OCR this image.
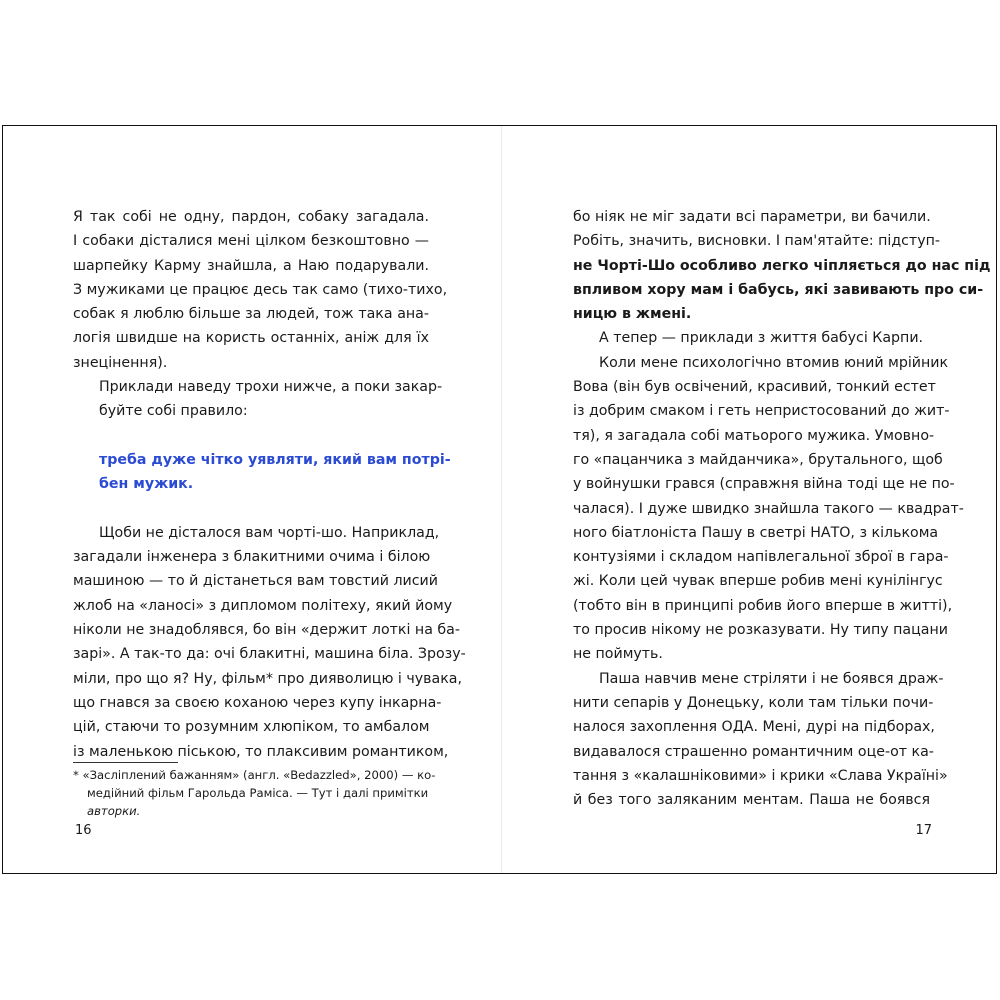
Я так собі не одну, пардон, собаку загадала.
І собаки дісталися мені цілком безкоштовно —
шарпейку Карму знайшла, а Наю подарували.
З мужиками це працює десь так само (тихо-тихо,
собак я люблю більше за людей, тож така ана-
логія швидше на користь останніх, аніж для їх
знецінення).
Приклади наведу трохи нижче, а поки закар-
буйте собі правило:
треба дуже чітко уявляти, який вам потрі-
бен мужик.
Щоби не дісталося вам чорті-шо. Наприклад,
загадали інженера з блакитними очима і білою
машиною — то й дістанеться вам товстий лисий
жлоб на «ланосі» з дипломом політеху, який йому
ніколи не знадоблявся, бо він «держит лоткі на ба-
зарі». А так-то да: очі блакитні, машина біла. Зрозу-
міли, про що я? Ну, фільм* про дияволицю і чувака,
що гнався за своєю коханою через купу інкарна-
цій, стаючи то розумним хлюпіком, то амбалом
із маленькою піською, то плаксивим романтиком,
* «Засліплений бажанням» (англ. «Bedazzled», 2000) — ко-
медійний фільм Гарольда Раміса. — Тут і далі примітки
авторки.
16
бо ніяк не міг задати всі параметри, ви бачили.
Робіть, значить, висновки. І пам'ятайте: підступ-
не Чорті-Шо особливо легко чіпляється до нас під
впливом хору мам і бабусь, які завивають про си-
ницю в жмені.
А тепер — приклади з життя бабусі Карпи.
Коли мене психологічно втомив юний мрійник
Вова (він був освічений, красивий, тонкий естет
із добрим смаком і геть непристосований до жит-
тя), я загадала собі матьорого мужика. Умовно-
го «пацанчика з майданчика», брутального, щоб
у войнушки грався (справжня війна тоді ще не по-
чалася). І дуже швидко знайшла такого — квадрат-
ного біатлоніста Пашу в светрі НАТО, з кількома
контузіями і складом напівлегальної зброї в гара-
жі. Коли цей чувак вперше робив мені кунілінгус
(тобто він в принципі робив його вперше в житті),
то просив нікому не розказувати. Ну типу пацани
не поймуть.
Паша навчив мене стріляти і не боявся драж-
нити сепарів у Донецьку, коли там тільки почи-
налося захоплення ОДА. Мені, дурі на підборах,
видавалося страшенно романтичним оце-от ка-
тання з «калашніковими» і крики «Слава Україні»
й без того заляканим ментам. Паша не боявся
17
